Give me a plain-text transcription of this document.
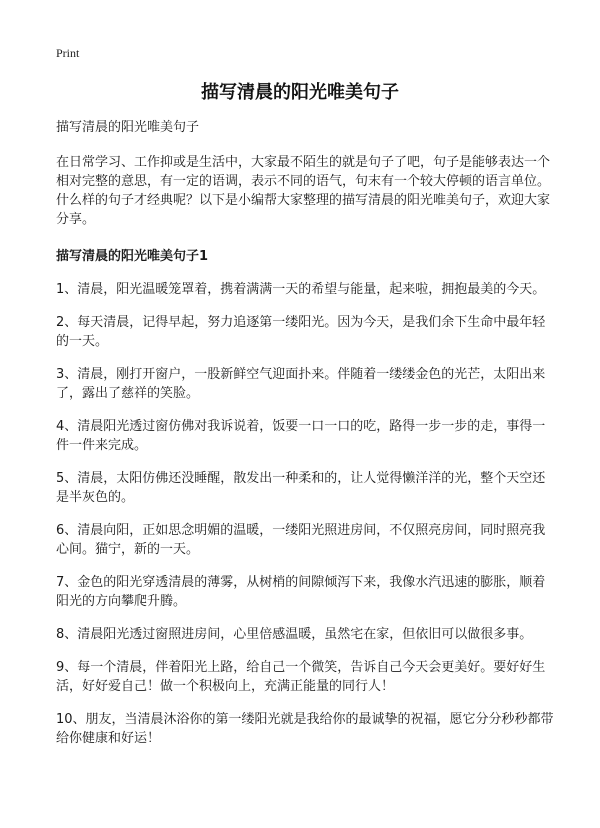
Print
描写清晨的阳光唯美句子

描写清晨的阳光唯美句子

在日常学习、工作抑或是生活中，大家最不陌生的就是句子了吧，句子是能够表达一个相对完整的意思，有一定的语调，表示不同的语气，句末有一个较大停顿的语言单位。什么样的句子才经典呢？以下是小编帮大家整理的描写清晨的阳光唯美句子，欢迎大家分享。

描写清晨的阳光唯美句子1

1、清晨，阳光温暖笼罩着，携着满满一天的希望与能量，起来啦，拥抱最美的今天。

2、每天清晨，记得早起，努力追逐第一缕阳光。因为今天，是我们余下生命中最年轻的一天。

3、清晨，刚打开窗户，一股新鲜空气迎面扑来。伴随着一缕缕金色的光芒，太阳出来了，露出了慈祥的笑脸。

4、清晨阳光透过窗仿佛对我诉说着，饭要一口一口的吃，路得一步一步的走，事得一件一件来完成。

5、清晨，太阳仿佛还没睡醒，散发出一种柔和的，让人觉得懒洋洋的光，整个天空还是半灰色的。

6、清晨向阳，正如思念明媚的温暖，一缕阳光照进房间，不仅照亮房间，同时照亮我心间。猫宁，新的一天。

7、金色的阳光穿透清晨的薄雾，从树梢的间隙倾泻下来，我像水汽迅速的膨胀，顺着阳光的方向攀爬升腾。

8、清晨阳光透过窗照进房间，心里倍感温暖，虽然宅在家，但依旧可以做很多事。

9、每一个清晨，伴着阳光上路，给自己一个微笑，告诉自己今天会更美好。要好好生活，好好爱自己！做一个积极向上，充满正能量的同行人！

10、朋友，当清晨沐浴你的第一缕阳光就是我给你的最诚挚的祝福，愿它分分秒秒都带给你健康和好运！
